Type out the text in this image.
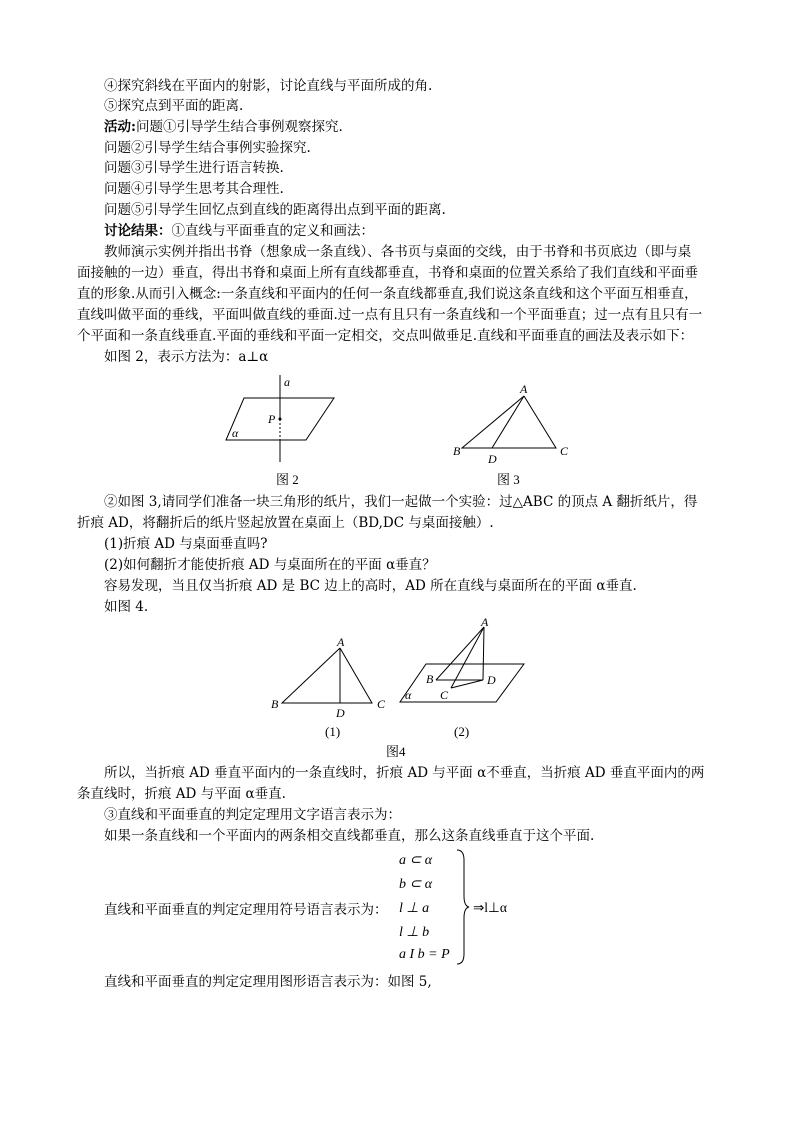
④探究斜线在平面内的射影，讨论直线与平面所成的角.
⑤探究点到平面的距离.
活动:问题①引导学生结合事例观察探究.
问题②引导学生结合事例实验探究.
问题③引导学生进行语言转换.
问题④引导学生思考其合理性.
问题⑤引导学生回忆点到直线的距离得出点到平面的距离.
讨论结果：①直线与平面垂直的定义和画法：
教师演示实例并指出书脊（想象成一条直线）、各书页与桌面的交线，由于书脊和书页底边（即与桌
面接触的一边）垂直，得出书脊和桌面上所有直线都垂直，书脊和桌面的位置关系给了我们直线和平面垂
直的形象.从而引入概念:一条直线和平面内的任何一条直线都垂直,我们说这条直线和这个平面互相垂直，
直线叫做平面的垂线，平面叫做直线的垂面.过一点有且只有一条直线和一个平面垂直；过一点有且只有一
个平面和一条直线垂直.平面的垂线和平面一定相交，交点叫做垂足.直线和平面垂直的画法及表示如下：
如图 2，表示方法为：a⊥α
a
P
α
图 2
A
B	C
D
图 3
②如图 3,请同学们准备一块三角形的纸片，我们一起做一个实验：过△ABC 的顶点 A 翻折纸片，得
折痕 AD，将翻折后的纸片竖起放置在桌面上（BD,DC 与桌面接触）.
(1)折痕 AD 与桌面垂直吗?
(2)如何翻折才能使折痕 AD 与桌面所在的平面 α垂直？
容易发现，当且仅当折痕 AD 是 BC 边上的高时，AD 所在直线与桌面所在的平面 α垂直.
如图 4.
A
B	C
D
(1)
A
B
C
D
α
(2)
图4
所以，当折痕 AD 垂直平面内的一条直线时，折痕 AD 与平面 α不垂直，当折痕 AD 垂直平面内的两
条直线时，折痕 AD 与平面 α垂直.
③直线和平面垂直的判定定理用文字语言表示为：
如果一条直线和一个平面内的两条相交直线都垂直，那么这条直线垂直于这个平面.
a ⊂ α
b ⊂ α
直线和平面垂直的判定定理用符号语言表示为： l ⊥ a
l ⊥ b
a I b = P
⇒l⊥α
直线和平面垂直的判定定理用图形语言表示为：如图 5,
